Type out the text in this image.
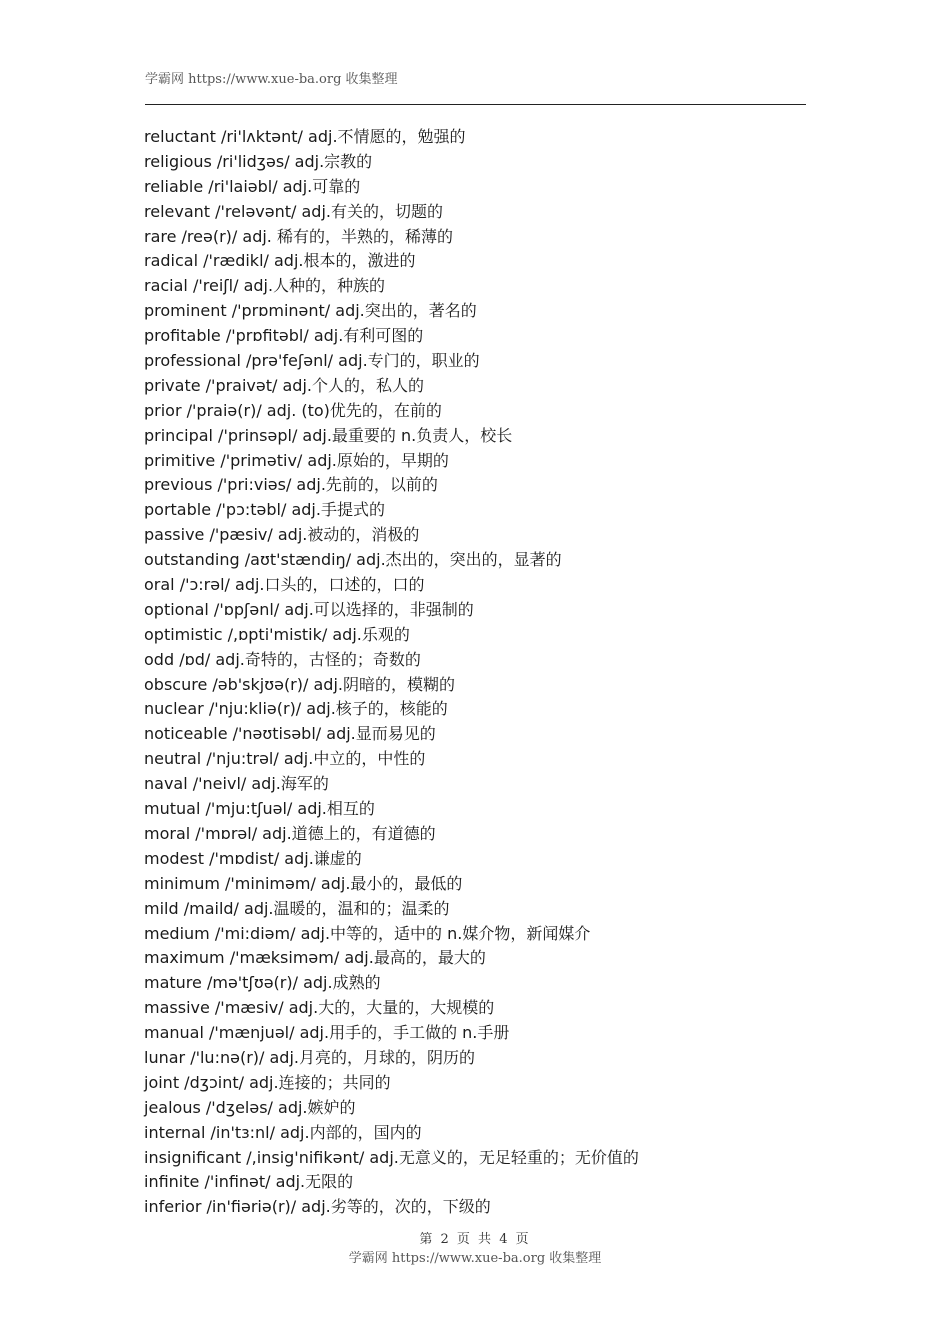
学霸网 https://www.xue-ba.org 收集整理
reluctant /ri'lʌktənt/ adj.不情愿的，勉强的
religious /ri'lidʒəs/ adj.宗教的
reliable /ri'laiəbl/ adj.可靠的
relevant /'reləvənt/ adj.有关的，切题的
rare /reə(r)/ adj. 稀有的，半熟的，稀薄的
radical /'rædikl/ adj.根本的，激进的
racial /'reiʃl/ adj.人种的，种族的
prominent /'prɒminənt/ adj.突出的，著名的
profitable /'prɒfitəbl/ adj.有利可图的
professional /prə'feʃənl/ adj.专门的，职业的
private /'praivət/ adj.个人的，私人的
prior /'praiə(r)/ adj. (to)优先的，在前的
principal /'prinsəpl/ adj.最重要的 n.负责人，校长
primitive /'primətiv/ adj.原始的，早期的
previous /'pri:viəs/ adj.先前的，以前的
portable /'pɔ:təbl/ adj.手提式的
passive /'pæsiv/ adj.被动的，消极的
outstanding /aʊt'stændiŋ/ adj.杰出的，突出的，显著的
oral /'ɔ:rəl/ adj.口头的，口述的，口的
optional /'ɒpʃənl/ adj.可以选择的，非强制的
optimistic /,ɒpti'mistik/ adj.乐观的
odd /ɒd/ adj.奇特的，古怪的；奇数的
obscure /əb'skjʊə(r)/ adj.阴暗的，模糊的
nuclear /'nju:kliə(r)/ adj.核子的，核能的
noticeable /'nəʊtisəbl/ adj.显而易见的
neutral /'nju:trəl/ adj.中立的，中性的
naval /'neivl/ adj.海军的
mutual /'mju:tʃuəl/ adj.相互的
moral /'mɒrəl/ adj.道德上的，有道德的
modest /'mɒdist/ adj.谦虚的
minimum /'miniməm/ adj.最小的，最低的
mild /maild/ adj.温暖的，温和的；温柔的
medium /'mi:diəm/ adj.中等的，适中的 n.媒介物，新闻媒介
maximum /'mæksiməm/ adj.最高的，最大的
mature /mə'tʃʊə(r)/ adj.成熟的
massive /'mæsiv/ adj.大的，大量的，大规模的
manual /'mænjuəl/ adj.用手的，手工做的 n.手册
lunar /'lu:nə(r)/ adj.月亮的，月球的，阴历的
joint /dʒɔint/ adj.连接的；共同的
jealous /'dʒeləs/ adj.嫉妒的
internal /in'tɜ:nl/ adj.内部的，国内的
insignificant /,insig'nifikənt/ adj.无意义的，无足轻重的；无价值的
infinite /'infinət/ adj.无限的
inferior /in'fiəriə(r)/ adj.劣等的，次的，下级的
第 2 页 共 4 页
学霸网 https://www.xue-ba.org 收集整理
